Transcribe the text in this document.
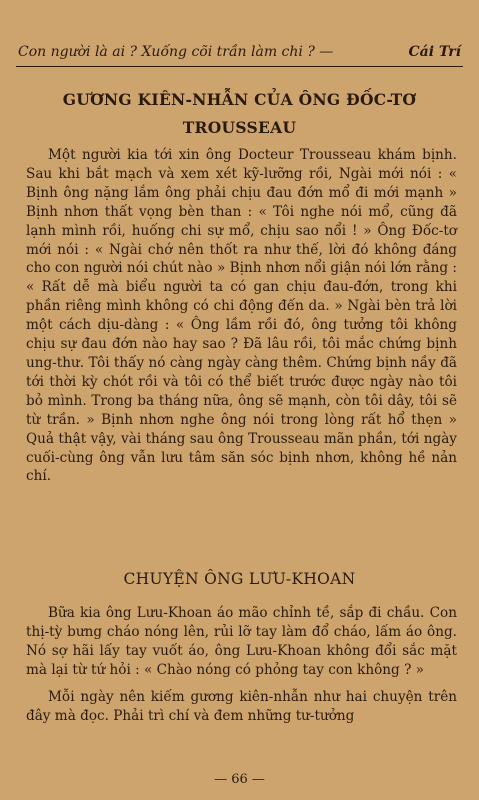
Con người là ai ? Xuống cõi trần làm chi ? —	Cái Trí
GƯƠNG KIÊN-NHẪN CỦA ÔNG ĐỐC-TƠ TROUSSEAU

Một người kia tới xin ông Docteur Trousseau khám bịnh. Sau khi bắt mạch và xem xét kỹ-lưỡng rồi, Ngài mới nói : « Bịnh ông nặng lắm ông phải chịu đau đớn mổ đi mới mạnh » Bịnh nhơn thất vọng bèn than : « Tôi nghe nói mổ, cũng đã lạnh mình rồi, huống chi sự mổ, chịu sao nổi ! » Ông Đốc-tơ mới nói : « Ngài chớ nên thốt ra như thế, lời đó không đáng cho con người nói chút nào » Bịnh nhơn nổi giận nói lớn rằng : « Rất dễ mà biểu người ta có gan chịu đau-đớn, trong khi phần riêng mình không có chi động đến da. » Ngài bèn trả lời một cách dịu-dàng : « Ông lầm rồi đó, ông tưởng tôi không chịu sự đau đớn nào hay sao ? Đã lâu rồi, tôi mắc chứng bịnh ung-thư. Tôi thấy nó càng ngày càng thêm. Chứng bịnh nầy đã tới thời kỳ chót rồi và tôi có thể biết trước được ngày nào tôi bỏ mình. Trong ba tháng nữa, ông sẽ mạnh, còn tôi dây, tôi sẽ từ trần. » Bịnh nhơn nghe ông nói trong lòng rất hổ thẹn » Quả thật vậy, vài tháng sau ông Trousseau mãn phần, tới ngày cuối-cùng ông vẫn lưu tâm săn sóc bịnh nhơn, không hề nản chí.

CHUYỆN ÔNG LƯU-KHOAN

Bữa kia ông Lưu-Khoan áo mão chỉnh tề, sắp đi chầu. Con thị-tỳ bưng cháo nóng lên, rủi lỡ tay làm đổ cháo, lấm áo ông. Nó sợ hãi lấy tay vuốt áo, ông Lưu-Khoan không đổi sắc mặt mà lại từ tứ hỏi : « Chào nóng có phỏng tay con không ? »

Mỗi ngày nên kiếm gương kiên-nhẫn như hai chuyện trên đây mà đọc. Phải trì chí và đem những tư-tưởng

— 66 —
